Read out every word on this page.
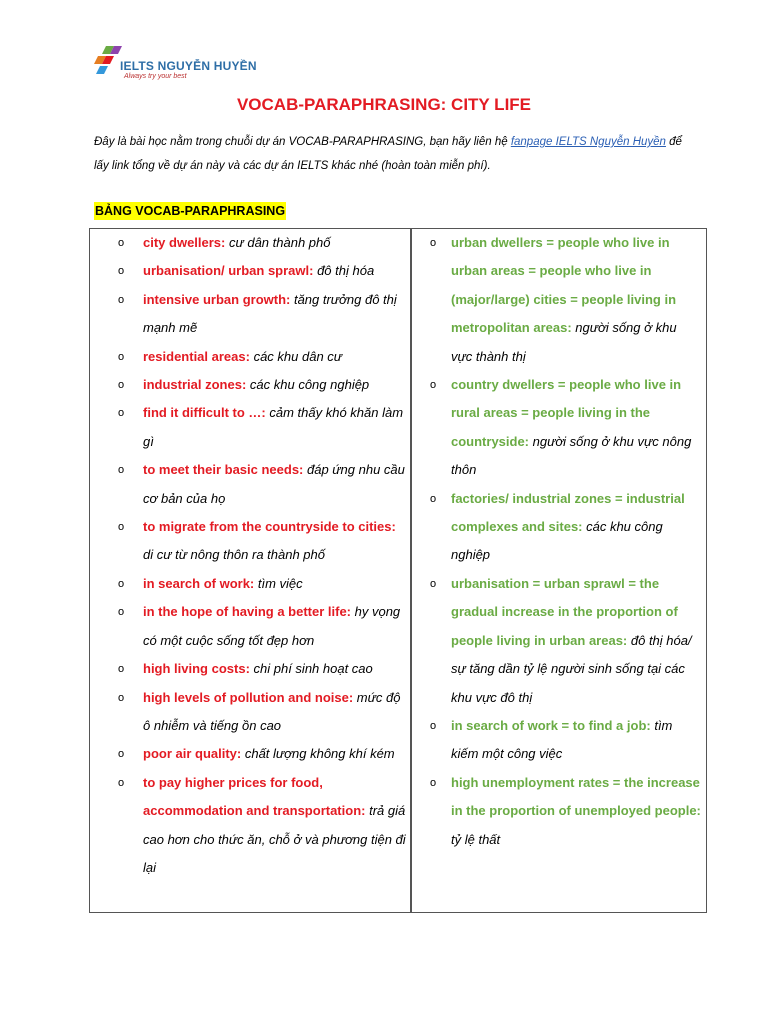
IELTS NGUYỄN HUYỀN
Always try your best
VOCAB-PARAPHRASING: CITY LIFE
Đây là bài học nằm trong chuỗi dự án VOCAB-PARAPHRASING, bạn hãy liên hệ fanpage IELTS Nguyễn Huyền để lấy link tổng về dự án này và các dự án IELTS khác nhé (hoàn toàn miễn phí).
BẢNG VOCAB-PARAPHRASING
o city dwellers: cư dân thành phố
o urbanisation/ urban sprawl: đô thị hóa
o intensive urban growth: tăng trưởng đô thị mạnh mẽ
o residential areas: các khu dân cư
o industrial zones: các khu công nghiệp
o find it difficult to …: cảm thấy khó khăn làm gì
o to meet their basic needs: đáp ứng nhu cầu cơ bản của họ
o to migrate from the countryside to cities: di cư từ nông thôn ra thành phố
o in search of work: tìm việc
o in the hope of having a better life: hy vọng có một cuộc sống tốt đẹp hơn
o high living costs: chi phí sinh hoạt cao
o high levels of pollution and noise: mức độ ô nhiễm và tiếng ồn cao
o poor air quality: chất lượng không khí kém
o to pay higher prices for food, accommodation and transportation: trả giá cao hơn cho thức ăn, chỗ ở và phương tiện đi lại
o urban dwellers = people who live in urban areas = people who live in (major/large) cities = people living in metropolitan areas: người sống ở khu vực thành thị
o country dwellers = people who live in rural areas = people living in the countryside: người sống ở khu vực nông thôn
o factories/ industrial zones = industrial complexes and sites: các khu công nghiệp
o urbanisation = urban sprawl = the gradual increase in the proportion of people living in urban areas: đô thị hóa/ sự tăng dần tỷ lệ người sinh sống tại các khu vực đô thị
o in search of work = to find a job: tìm kiếm một công việc
o high unemployment rates = the increase in the proportion of unemployed people: tỷ lệ thất
